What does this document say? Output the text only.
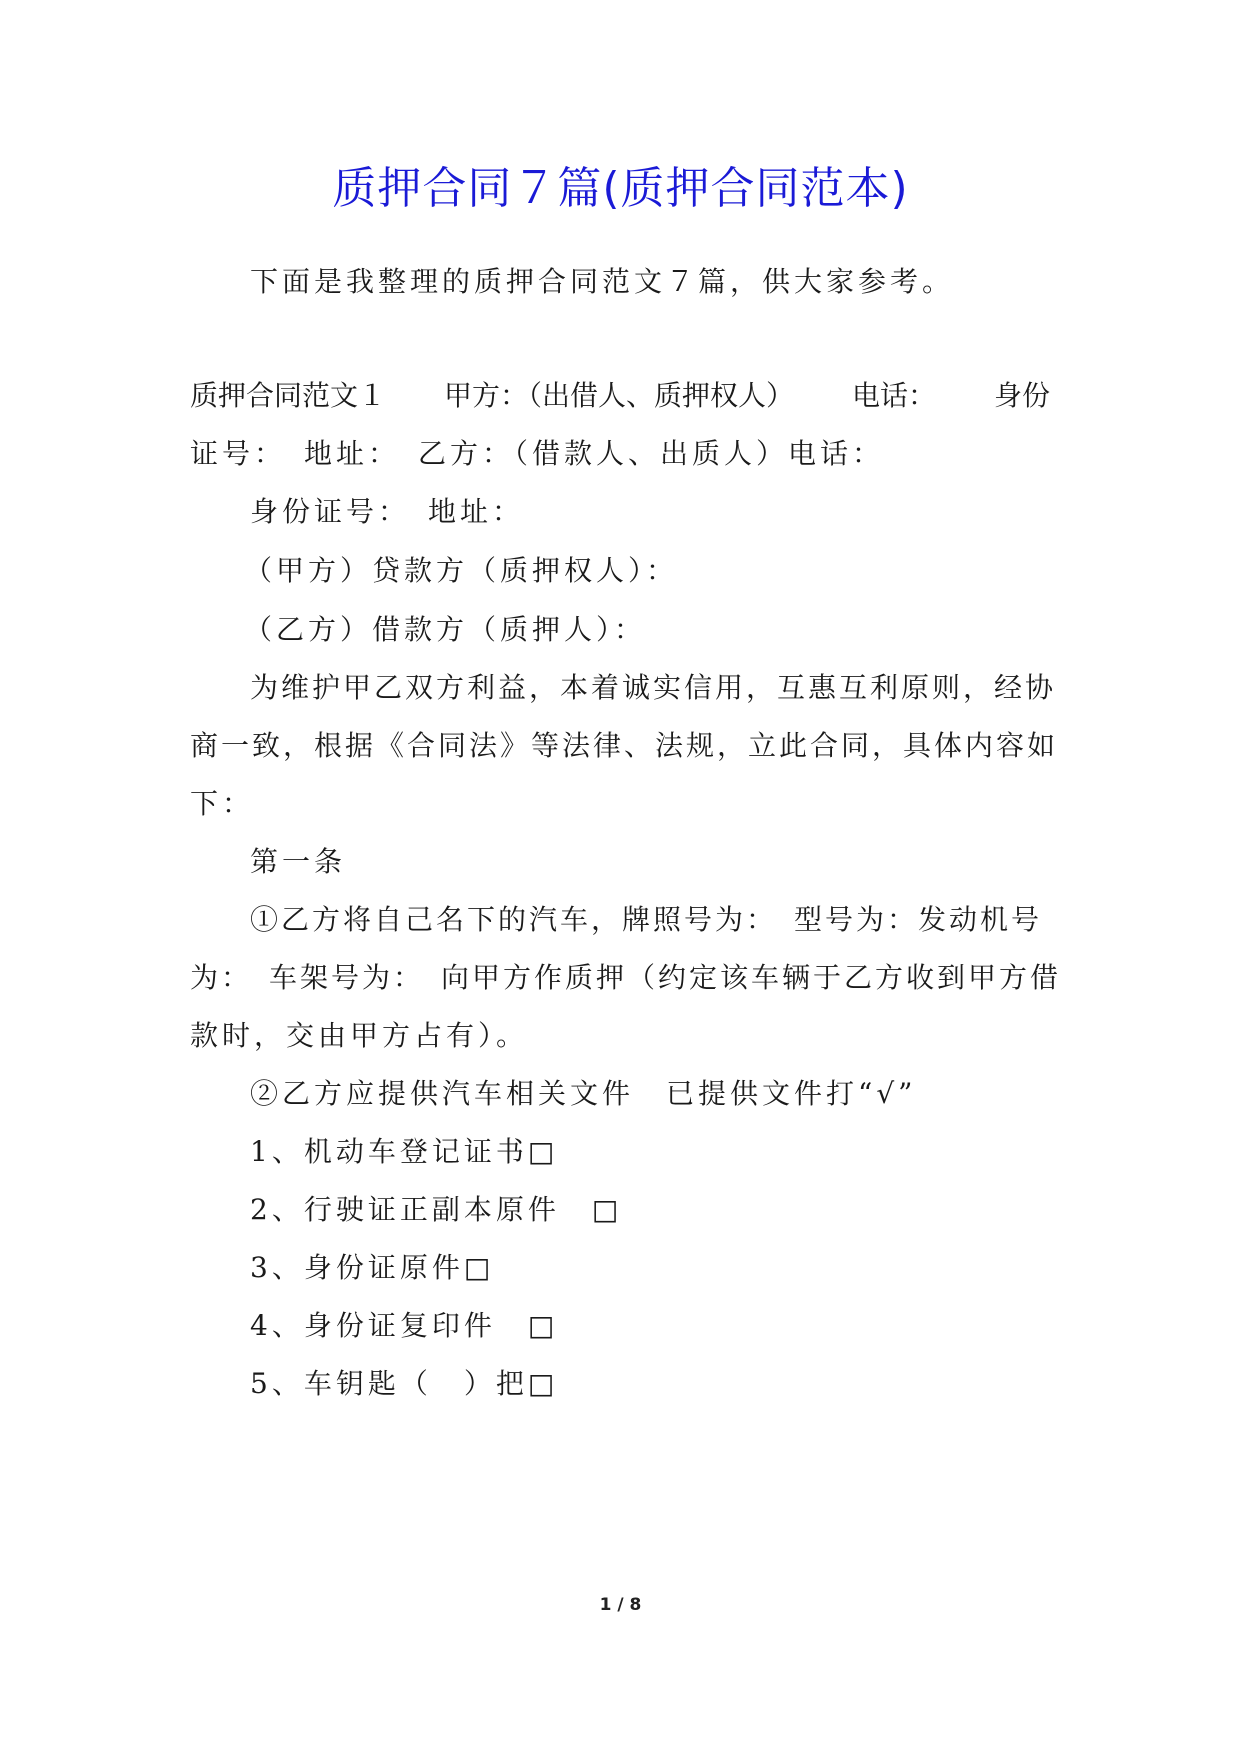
质押合同７篇(质押合同范本)
下面是我整理的质押合同范文７篇，供大家参考。
质押合同范文１ 甲方：（出借人、质押权人） 电话： 身份
证号：　地址：　乙方：（借款人、出质人）电话：
身份证号：　地址：
（甲方）贷款方（质押权人）：
（乙方）借款方（质押人）：
为维护甲乙双方利益，本着诚实信用，互惠互利原则，经协
商一致，根据《合同法》等法律、法规，立此合同，具体内容如
下：
第一条
①乙方将自己名下的汽车，牌照号为：　型号为：发动机号
为：　车架号为：　向甲方作质押（约定该车辆于乙方收到甲方借
款时，交由甲方占有）。
②乙方应提供汽车相关文件　已提供文件打“√”
1、机动车登记证书□
2、行驶证正副本原件　□
3、身份证原件□
4、身份证复印件　□
5、车钥匙（　）把□
1 / 8
